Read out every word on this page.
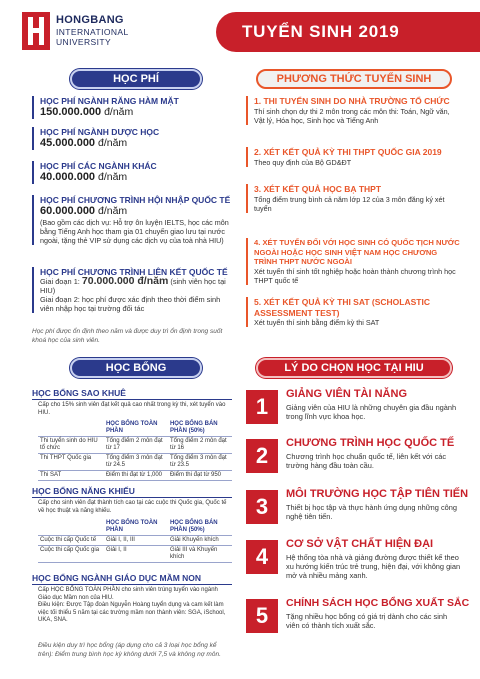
HONGBANG
INTERNATIONAL
UNIVERSITY
TUYỂN SINH 2019
HỌC PHÍ
HỌC PHÍ NGÀNH RĂNG HÀM MẶT
150.000.000 đ/năm
HỌC PHÍ NGÀNH DƯỢC HỌC
45.000.000 đ/năm
HỌC PHÍ CÁC NGÀNH KHÁC
40.000.000 đ/năm
HỌC PHÍ CHƯƠNG TRÌNH HỘI NHẬP QUỐC TẾ
60.000.000 đ/năm
(Bao gồm các dịch vụ: Hỗ trợ ôn luyện IELTS, học các môn bằng Tiếng Anh học tham gia 01 chuyến giao lưu tại nước ngoài, tặng thẻ VIP sử dụng các dịch vụ của toà nhà HIU)
HỌC PHÍ CHƯƠNG TRÌNH LIÊN KẾT QUỐC TẾ
Giai đoạn 1: 70.000.000 đ/năm (sinh viên học tại HIU)
Giai đoạn 2: học phí được xác định theo thời điểm sinh viên nhập học tại trường đối tác
Học phí được ổn định theo năm và được duy trì ổn định trong suốt khoá học của sinh viên.
PHƯƠNG THỨC TUYỂN SINH
1. THI TUYỂN SINH DO NHÀ TRƯỜNG TỔ CHỨC
Thí sinh chọn dự thi 2 môn trong các môn thi: Toán, Ngữ văn, Vật lý, Hóa học, Sinh học và Tiếng Anh
2. XÉT KẾT QUẢ KỲ THI THPT QUỐC GIA 2019
Theo quy định của Bộ GD&ĐT
3. XÉT KẾT QUẢ HỌC BẠ THPT
Tổng điểm trung bình cả năm lớp 12 của 3 môn đăng ký xét tuyển
4. XÉT TUYỂN ĐỐI VỚI HỌC SINH CÓ QUỐC TỊCH NƯỚC NGOÀI HOẶC HỌC SINH VIỆT NAM HỌC CHƯƠNG TRÌNH THPT NƯỚC NGOÀI
Xét tuyển thí sinh tốt nghiệp hoặc hoàn thành chương trình học THPT quốc tế
5. XÉT KẾT QUẢ KỲ THI SAT (SCHOLASTIC ASSESSMENT TEST)
Xét tuyển thí sinh bằng điểm kỳ thi SAT
HỌC BỔNG
HỌC BỔNG SAO KHUÊ
Cấp cho 15% sinh viên đạt kết quả cao nhất trong kỳ thi, xét tuyển vào HIU.
	HỌC BỔNG TOÀN PHẦN	HỌC BỔNG BÁN PHẦN (50%)
Thi tuyển sinh do HIU tổ chức	Tổng điểm 2 môn đạt từ 17	Tổng điểm 2 môn đạt từ 16
Thi THPT Quốc gia	Tổng điểm 3 môn đạt từ 24.5	Tổng điểm 3 môn đạt từ 23.5
Thi SAT	Điểm thi đạt từ 1,000	Điểm thi đạt từ 950
HỌC BỔNG NĂNG KHIẾU
Cấp cho sinh viên đạt thành tích cao tại các cuộc thi Quốc gia, Quốc tế về học thuật và năng khiếu.
	HỌC BỔNG TOÀN PHẦN	HỌC BỔNG BÁN PHẦN (50%)
Cuộc thi cấp Quốc tế	Giải I, II, III	Giải Khuyến khích
Cuộc thi cấp Quốc gia	Giải I, II	Giải III và Khuyến khích
HỌC BỔNG NGÀNH GIÁO DỤC MẦM NON
Cấp HỌC BỔNG TOÀN PHẦN cho sinh viên trúng tuyển vào ngành Giáo dục Mầm non của HIU.
Điều kiện: Được Tập đoàn Nguyễn Hoàng tuyển dụng và cam kết làm việc tối thiểu 5 năm tại các trường mầm non thành viên: SGA, iSchool, UKA, SNA.
Điều kiện duy trì học bổng (áp dụng cho cả 3 loại học bổng kể trên): Điểm trung bình học kỳ không dưới 7,5 và không nợ môn.
LÝ DO CHỌN HỌC TẠI HIU
1	GIẢNG VIÊN TÀI NĂNG
Giảng viên của HIU là những chuyên gia đầu ngành trong lĩnh vực khoa học.
2	CHƯƠNG TRÌNH HỌC QUỐC TẾ
Chương trình học chuẩn quốc tế, liên kết với các trường hàng đầu toàn cầu.
3	MÔI TRƯỜNG HỌC TẬP TIÊN TIẾN
Thiết bị học tập và thực hành ứng dụng những công nghệ tiên tiến.
4	CƠ SỞ VẬT CHẤT HIỆN ĐẠI
Hệ thống tòa nhà và giảng đường được thiết kế theo xu hướng kiến trúc trẻ trung, hiện đại, với không gian mở và nhiều mảng xanh.
5	CHÍNH SÁCH HỌC BỔNG XUẤT SẮC
Tặng nhiều học bổng có giá trị dành cho các sinh viên có thành tích xuất sắc.
